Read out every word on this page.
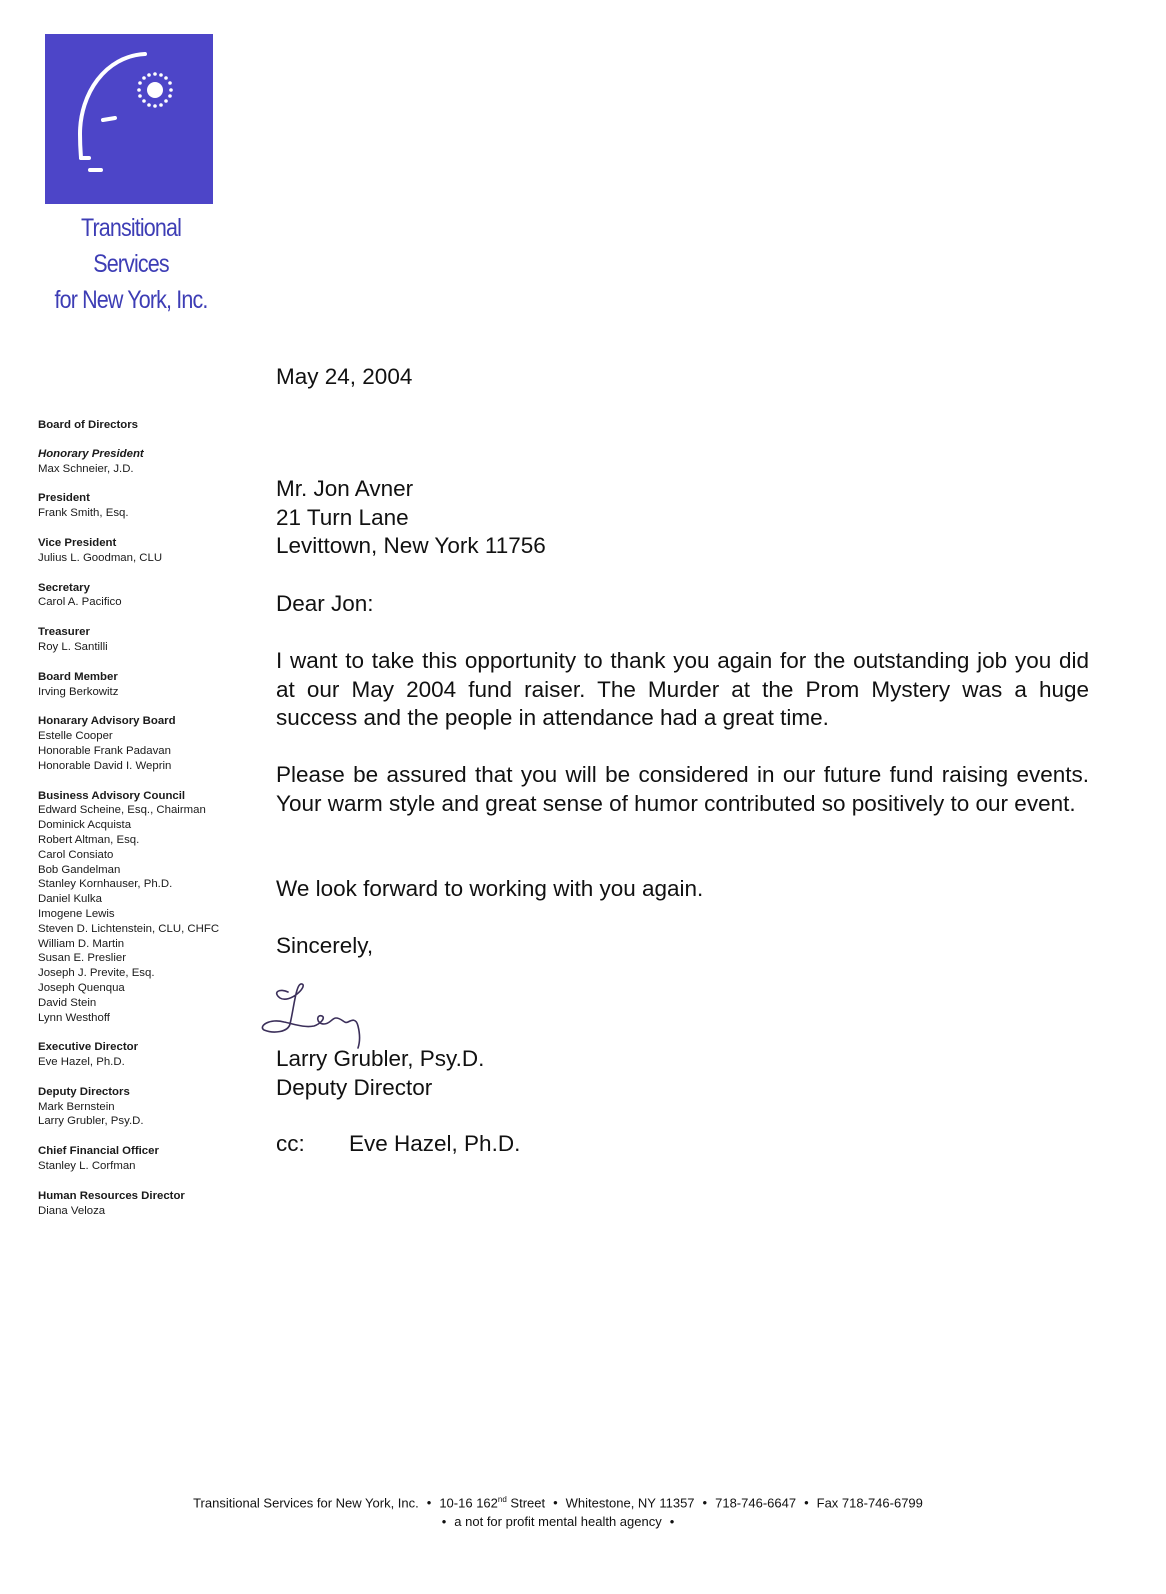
Transitional Services
for New York, Inc.
Board of Directors
Honorary President
Max Schneier, J.D.
President
Frank Smith, Esq.
Vice President
Julius L. Goodman, CLU
Secretary
Carol A. Pacifico
Treasurer
Roy L. Santilli
Board Member
Irving Berkowitz
Honarary Advisory Board
Estelle Cooper
Honorable Frank Padavan
Honorable David I. Weprin
Business Advisory Council
Edward Scheine, Esq., Chairman
Dominick Acquista
Robert Altman, Esq.
Carol Consiato
Bob Gandelman
Stanley Kornhauser, Ph.D.
Daniel Kulka
Imogene Lewis
Steven D. Lichtenstein, CLU, CHFC
William D. Martin
Susan E. Preslier
Joseph J. Previte, Esq.
Joseph Quenqua
David Stein
Lynn Westhoff
Executive Director
Eve Hazel, Ph.D.
Deputy Directors
Mark Bernstein
Larry Grubler, Psy.D.
Chief Financial Officer
Stanley L. Corfman
Human Resources Director
Diana Veloza
May 24, 2004
Mr. Jon Avner
21 Turn Lane
Levittown, New York 11756
Dear Jon:

I want to take this opportunity to thank you again for the outstanding job you did at our May 2004 fund raiser. The Murder at the Prom Mystery was a huge success and the people in attendance had a great time.

Please be assured that you will be considered in our future fund raising events. Your warm style and great sense of humor contributed so positively to our event.

We look forward to working with you again.

Sincerely,
Larry Grubler, Psy.D.
Deputy Director
cc: Eve Hazel, Ph.D.
Transitional Services for New York, Inc. • 10-16 162nd Street • Whitestone, NY 11357 • 718-746-6647 • Fax 718-746-6799
• a not for profit mental health agency •
